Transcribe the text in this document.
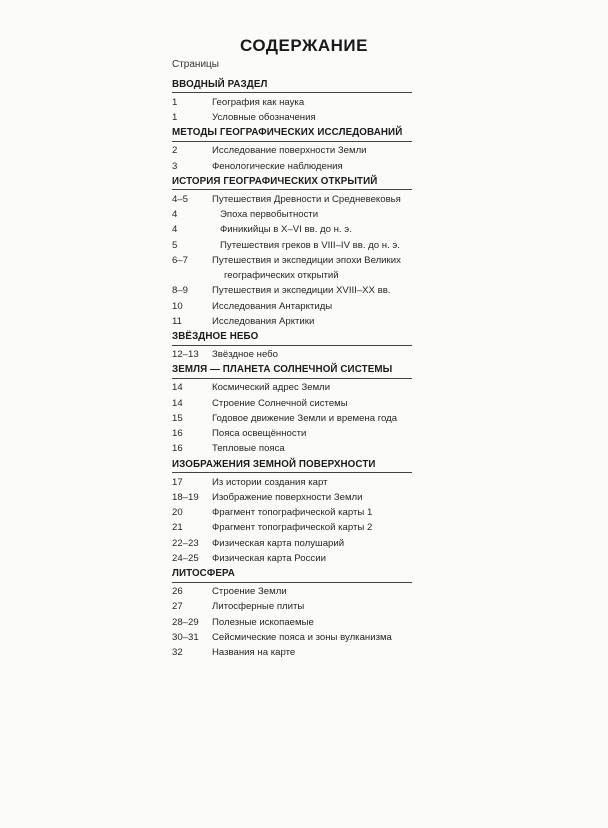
СОДЕРЖАНИЕ
Страницы
ВВОДНЫЙ РАЗДЕЛ
1	География как наука
1	Условные обозначения
МЕТОДЫ ГЕОГРАФИЧЕСКИХ ИССЛЕДОВАНИЙ
2	Исследование поверхности Земли
3	Фенологические наблюдения
ИСТОРИЯ ГЕОГРАФИЧЕСКИХ ОТКРЫТИЙ
4–5	Путешествия Древности и Средневековья
4	Эпоха первобытности
4	Финикийцы в X–VI вв. до н. э.
5	Путешествия греков в VIII–IV вв. до н. э.
6–7	Путешествия и экспедиции эпохи Великих
географических открытий
8–9	Путешествия и экспедиции XVIII–XX вв.
10	Исследования Антарктиды
11	Исследования Арктики
ЗВЁЗДНОЕ НЕБО
12–13	Звёздное небо
ЗЕМЛЯ — ПЛАНЕТА СОЛНЕЧНОЙ СИСТЕМЫ
14	Космический адрес Земли
14	Строение Солнечной системы
15	Годовое движение Земли и времена года
16	Пояса освещённости
16	Тепловые пояса
ИЗОБРАЖЕНИЯ ЗЕМНОЙ ПОВЕРХНОСТИ
17	Из истории создания карт
18–19	Изображение поверхности Земли
20	Фрагмент топографической карты 1
21	Фрагмент топографической карты 2
22–23	Физическая карта полушарий
24–25	Физическая карта России
ЛИТОСФЕРА
26	Строение Земли
27	Литосферные плиты
28–29	Полезные ископаемые
30–31	Сейсмические пояса и зоны вулканизма
32	Названия на карте
